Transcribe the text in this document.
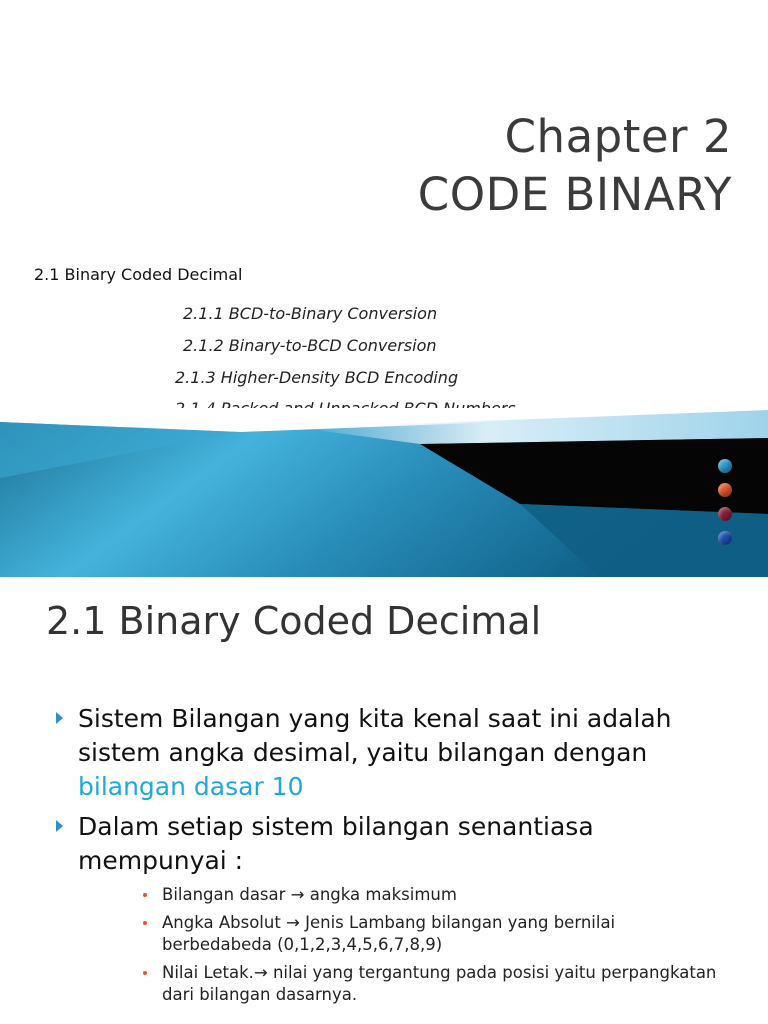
Chapter 2
CODE BINARY
2.1 Binary Coded Decimal
2.1.1 BCD-to-Binary Conversion
2.1.2 Binary-to-BCD Conversion
2.1.3 Higher-Density BCD Encoding
2.1 Binary Coded Decimal
Sistem Bilangan yang kita kenal saat ini adalah sistem angka desimal, yaitu bilangan dengan bilangan dasar 10
Dalam setiap sistem bilangan senantiasa mempunyai :
Bilangan dasar → angka maksimum
Angka Absolut → Jenis Lambang bilangan yang bernilai berbedabeda (0,1,2,3,4,5,6,7,8,9)
Nilai Letak.→ nilai yang tergantung pada posisi yaitu perpangkatan dari bilangan dasarnya.
